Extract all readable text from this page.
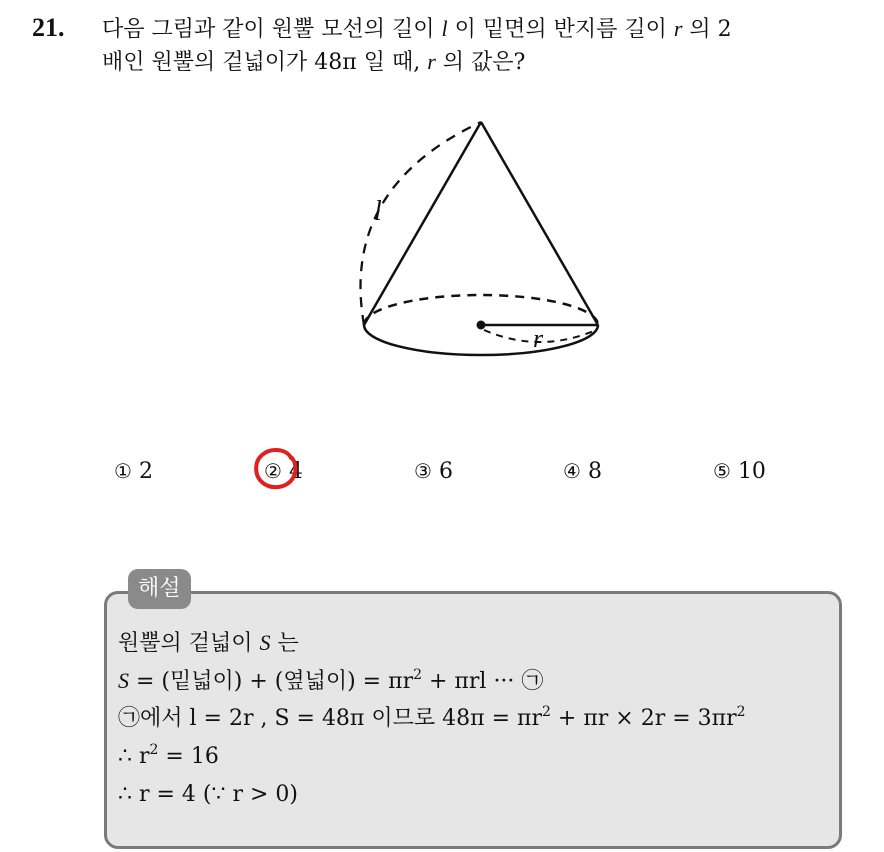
21. 다음 그림과 같이 원뿔 모선의 길이 l 이 밑면의 반지름 길이 r 의 2
배인 원뿔의 겉넓이가 48π 일 때, r 의 값은?
l
r
① 2	② 4	③ 6	④ 8	⑤ 10
해설
원뿔의 겉넓이 S 는
S = (밑넓이) + (옆넓이) = $\pi r^2 + \pi rl$ ··· ㉠
㉠에서 l = 2r , S = 48π 이므로 $48\pi = \pi r^2 + \pi r \times 2r = 3\pi r^2$
∴ $r^2 = 16$
∴ r = 4 (∵ r > 0)
